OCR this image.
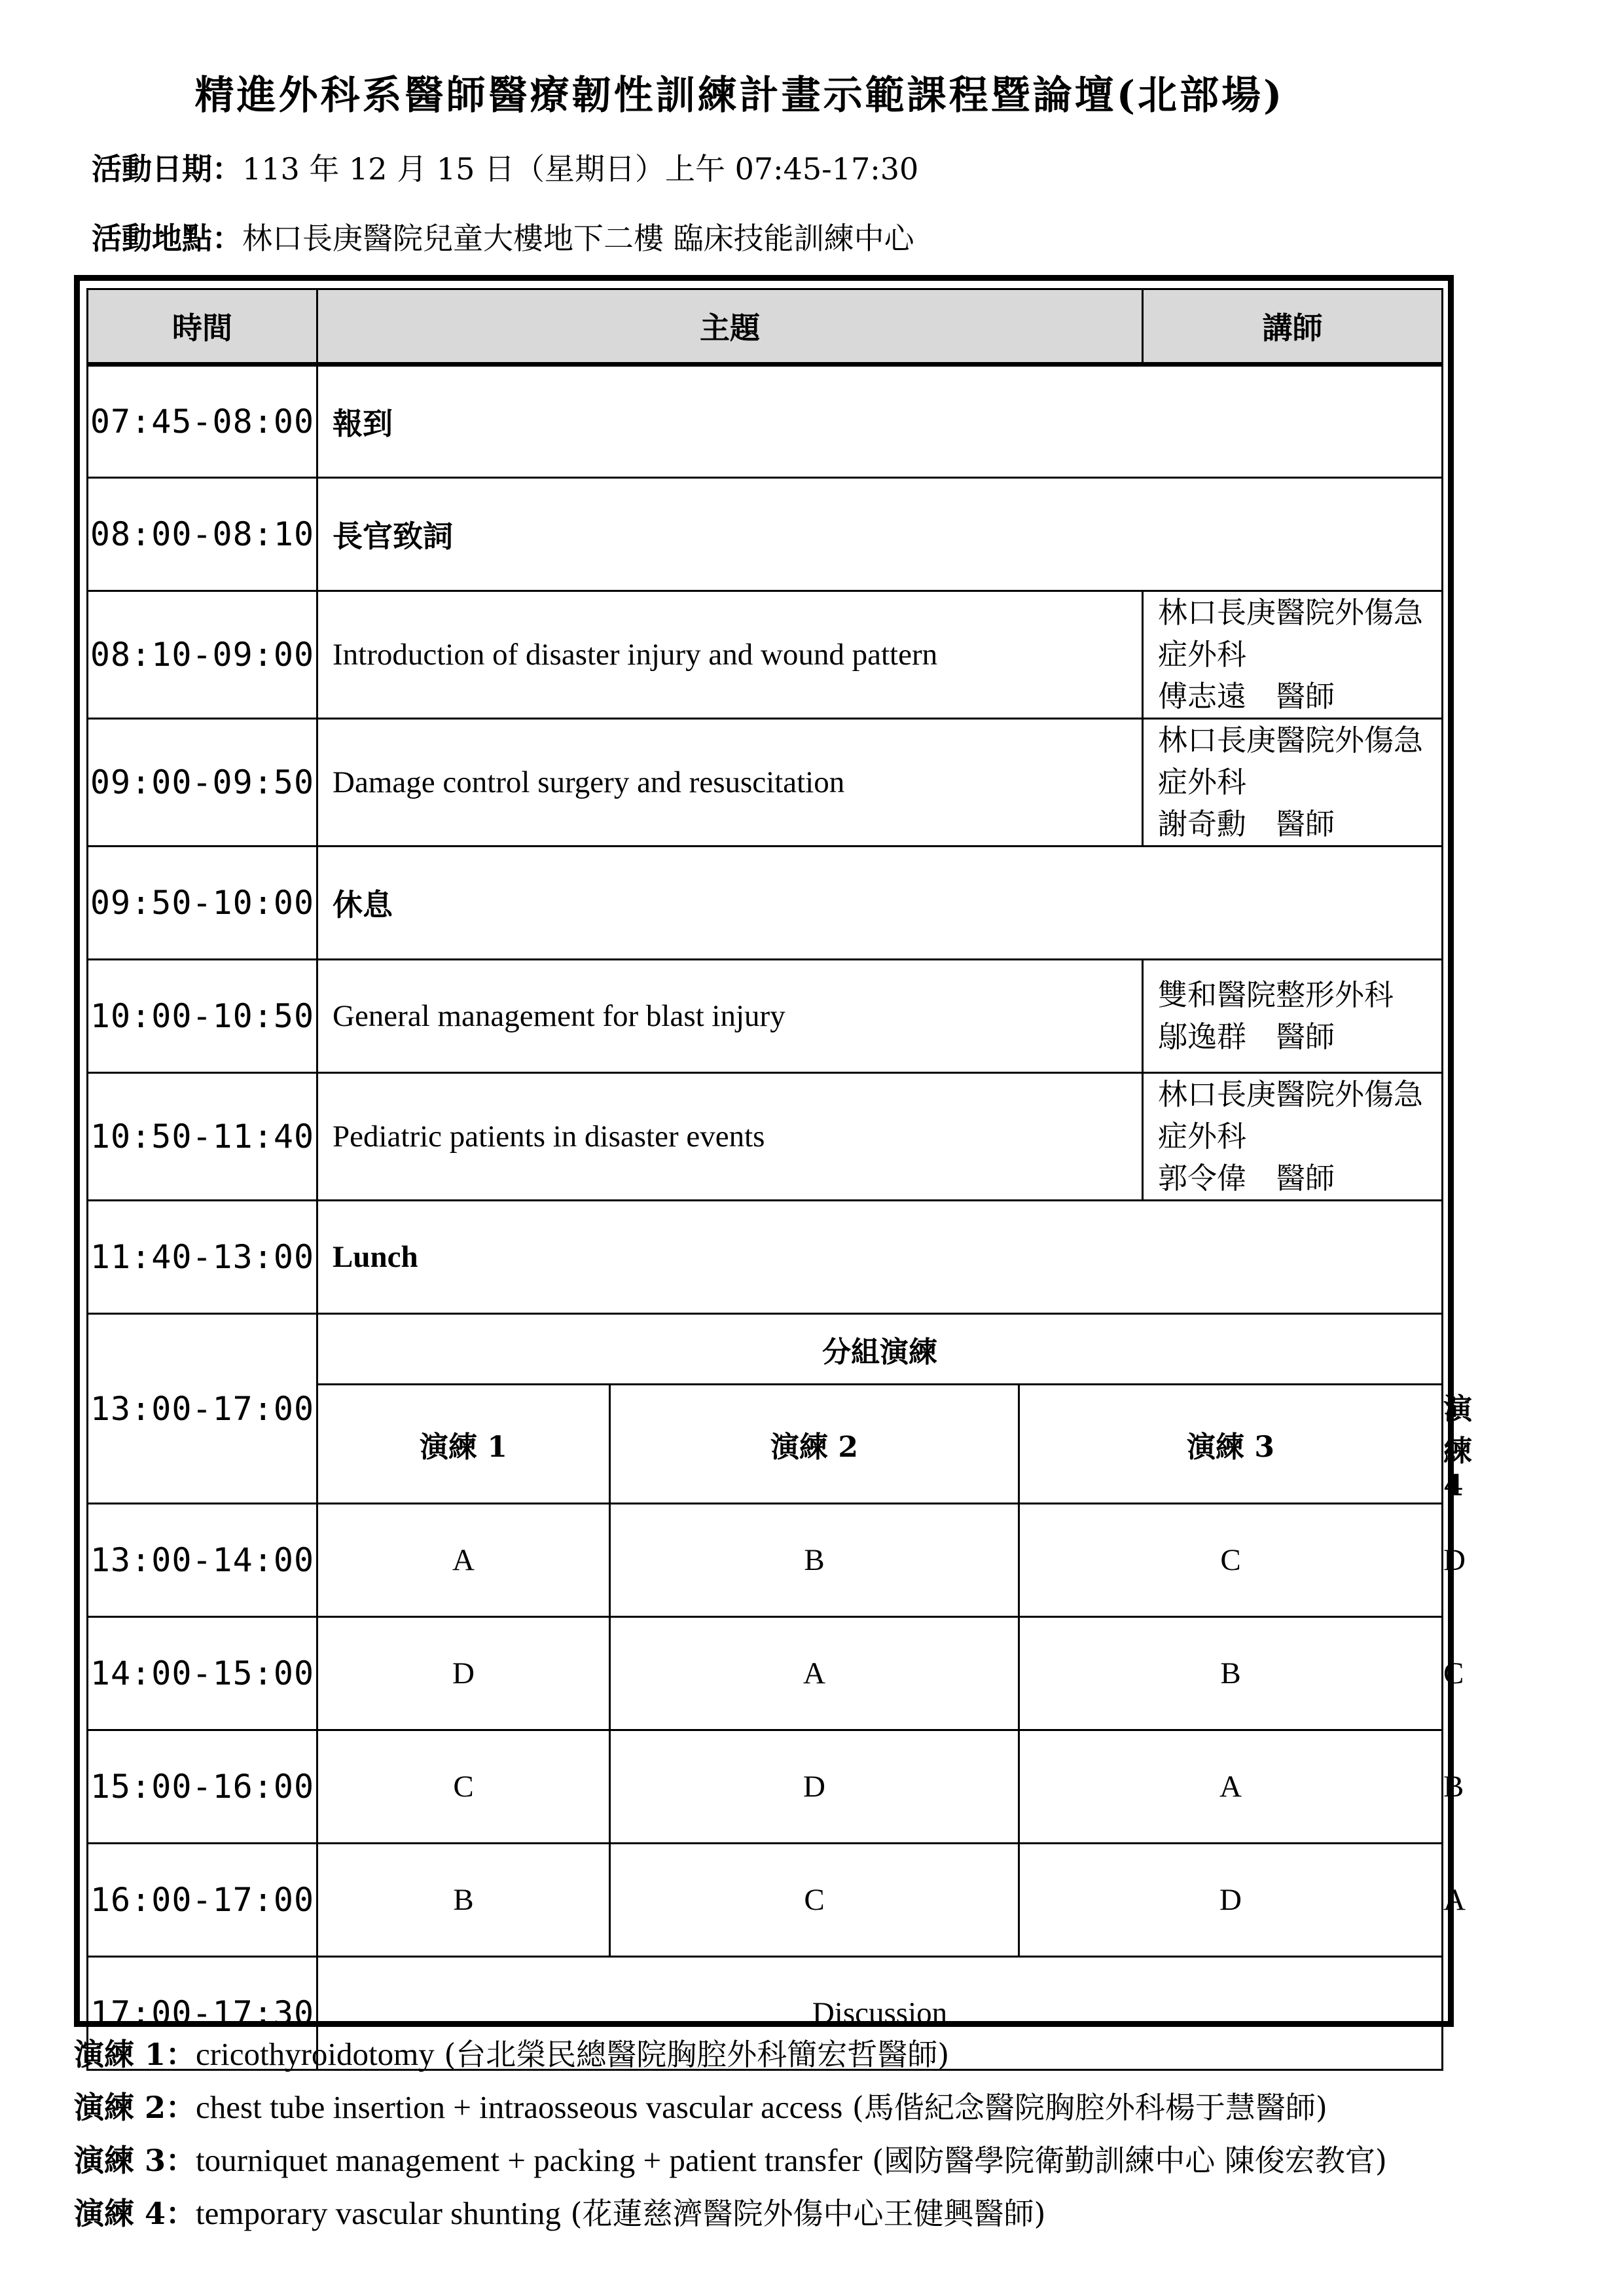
精進外科系醫師醫療韌性訓練計畫示範課程暨論壇(北部場)
活動日期：113 年 12 月 15 日（星期日）上午 07:45-17:30
活動地點：林口長庚醫院兒童大樓地下二樓 臨床技能訓練中心
時間	主題			講師	
07:45-08:00	報到				
08:00-08:10	長官致詞				
08:10-09:00	Introduction of disaster injury and wound pattern			林口長庚醫院外傷急症外科
傅志遠　醫師	

09:00-09:50	Damage control surgery and resuscitation			林口長庚醫院外傷急症外科
謝奇勳　醫師	

09:50-10:00	休息				
10:00-10:50	General management for blast injury			雙和醫院整形外科
鄔逸群　醫師	

10:50-11:40	Pediatric patients in disaster events			林口長庚醫院外傷急症外科
郭令偉　醫師	

11:40-13:00	Lunch				
13:00-17:00	分組演練				
	演練 1	演練 2	演練 3		演練 4
13:00-14:00	A	B	C		D
14:00-15:00	D	A	B		C
15:00-16:00	C	D	A		B
16:00-17:00	B	C	D		A
17:00-17:30	Discussion				
演練 1：cricothyroidotomy (台北榮民總醫院胸腔外科簡宏哲醫師)
演練 2：chest tube insertion + intraosseous vascular access (馬偕紀念醫院胸腔外科楊于慧醫師)
演練 3：tourniquet management + packing + patient transfer (國防醫學院衛勤訓練中心 陳俊宏教官)
演練 4：temporary vascular shunting (花蓮慈濟醫院外傷中心王健興醫師)
